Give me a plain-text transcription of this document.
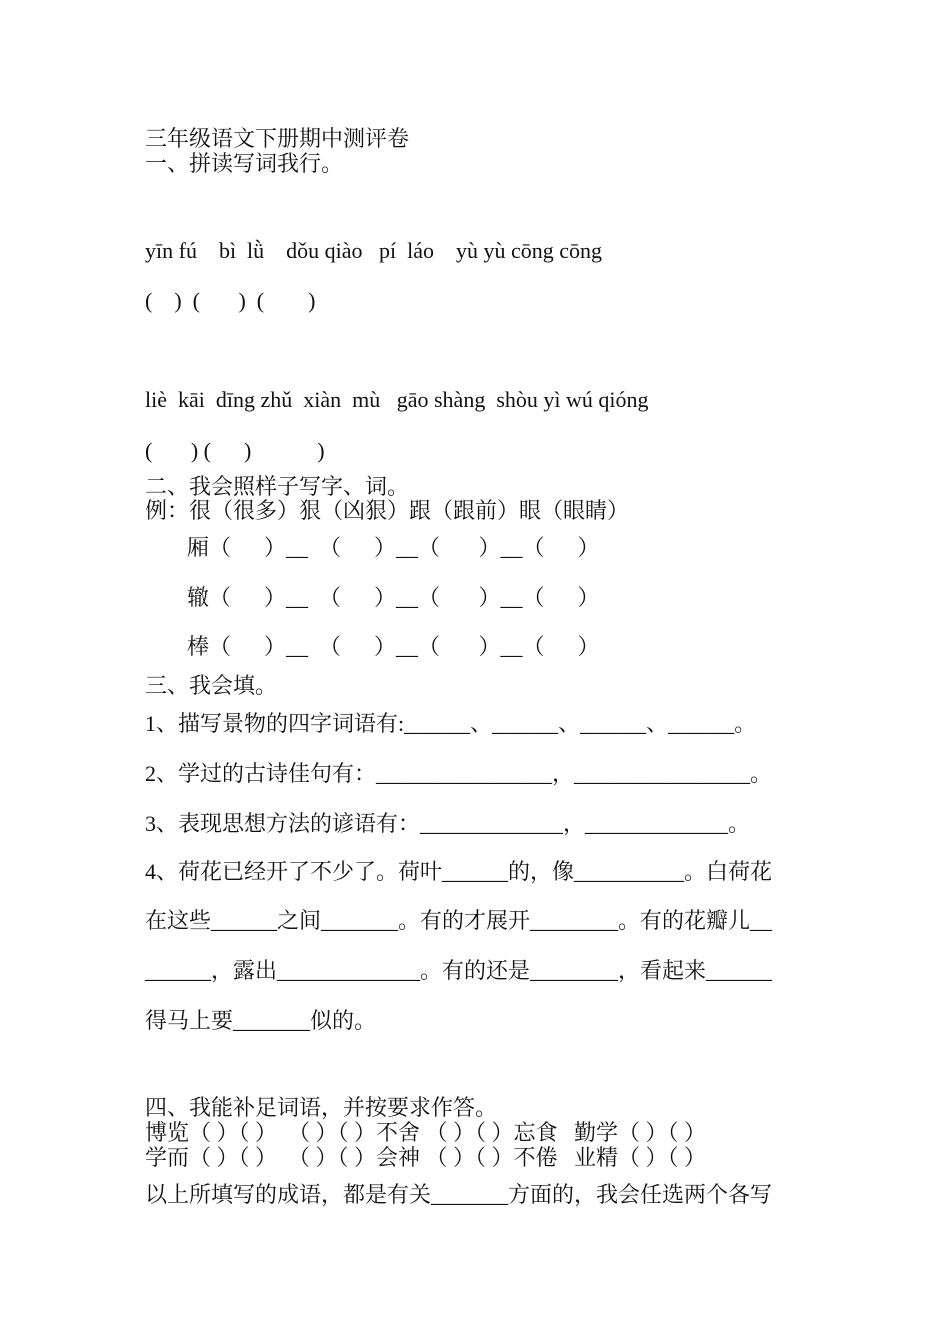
三年级语文下册期中测评卷
一、拼读写词我行。
yīn fú    bì  lǜ    dǒu qiào   pí  láo    yù yù cōng cōng
(    )  (       )  (        )
liè  kāi  dīng zhǔ  xiàn  mù   gāo shàng  shòu yì wú qióng
(       ) (      )            )
二、我会照样子写字、词。
例：很（很多）狠（凶狠）跟（跟前）眼（眼睛）
厢（      ）__  （      ）__（       ）__（      ）
辙（      ）__  （      ）__（       ）__（      ）
棒（      ）__  （      ）__（       ）__（      ）
三、我会填。
1、描写景物的四字词语有:______、______、______、______。
2、学过的古诗佳句有：________________，________________。
3、表现思想方法的谚语有：_____________，_____________。
4、荷花已经开了不少了。荷叶______的，像__________。白荷花
在这些______之间_______。有的才展开________。有的花瓣儿__
______，露出_____________。有的还是________，看起来______
得马上要_______似的。
四、我能补足词语，并按要求作答。
博览（ ）（ ）  （ ）（ ）不舍 （ ）（ ）忘食   勤学（ ）（ ）
学而（ ）（ ）  （ ）（ ）会神 （ ）（ ）不倦   业精（ ）（ ）
以上所填写的成语，都是有关_______方面的，我会任选两个各写
